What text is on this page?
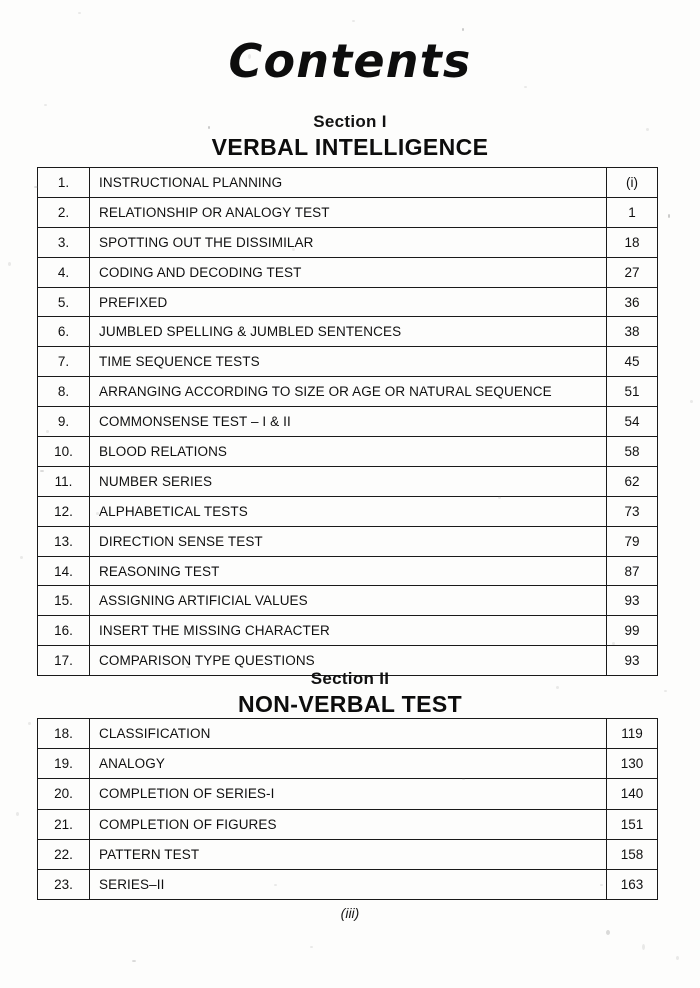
Contents
Section I
VERBAL INTELLIGENCE
1.	INSTRUCTIONAL PLANNING	(i)
2.	RELATIONSHIP OR ANALOGY TEST	1
3.	SPOTTING OUT THE DISSIMILAR	18
4.	CODING AND DECODING TEST	27
5.	PREFIXED	36
6.	JUMBLED SPELLING & JUMBLED SENTENCES	38
7.	TIME SEQUENCE TESTS	45
8.	ARRANGING ACCORDING TO SIZE OR AGE OR NATURAL SEQUENCE	51
9.	COMMONSENSE TEST – I & II	54
10.	BLOOD RELATIONS	58
11.	NUMBER SERIES	62
12.	ALPHABETICAL TESTS	73
13.	DIRECTION SENSE TEST	79
14.	REASONING TEST	87
15.	ASSIGNING ARTIFICIAL VALUES	93
16.	INSERT THE MISSING CHARACTER	99
17.	COMPARISON TYPE QUESTIONS	93
Section II
NON-VERBAL TEST
18.	CLASSIFICATION	119
19.	ANALOGY	130
20.	COMPLETION OF SERIES-I	140
21.	COMPLETION OF FIGURES	151
22.	PATTERN TEST	158
23.	SERIES–II	163
(iii)
